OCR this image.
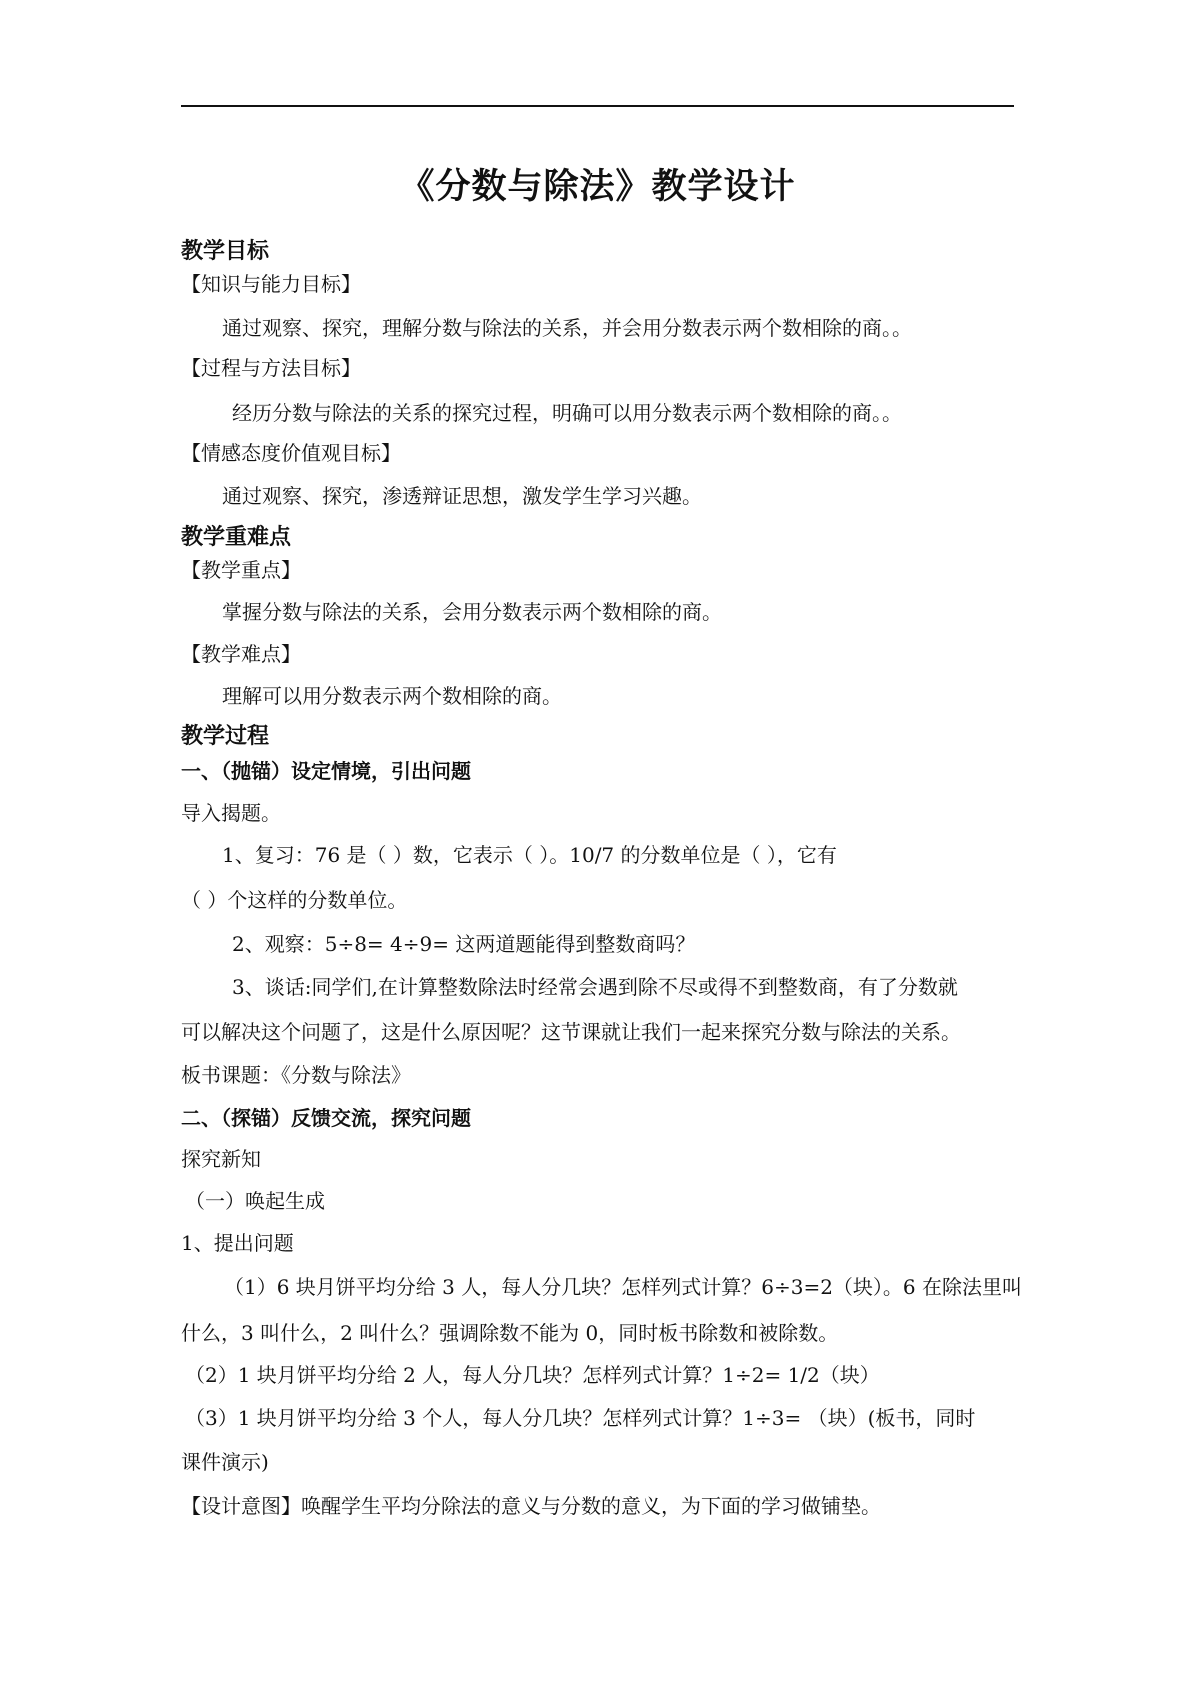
《分数与除法》教学设计
教学目标
【知识与能力目标】
通过观察、探究，理解分数与除法的关系，并会用分数表示两个数相除的商。。
【过程与方法目标】
经历分数与除法的关系的探究过程，明确可以用分数表示两个数相除的商。。
【情感态度价值观目标】
通过观察、探究，渗透辩证思想，激发学生学习兴趣。
教学重难点
【教学重点】
掌握分数与除法的关系，会用分数表示两个数相除的商。
【教学难点】
理解可以用分数表示两个数相除的商。
教学过程
一、（抛锚）设定情境，引出问题
导入揭题。
1、复习：76 是（ ）数，它表示（ ）。10/7 的分数单位是（ ），它有
（ ）个这样的分数单位。
2、观察：5÷8= 4÷9= 这两道题能得到整数商吗？
3、谈话:同学们,在计算整数除法时经常会遇到除不尽或得不到整数商，有了分数就
可以解决这个问题了，这是什么原因呢？这节课就让我们一起来探究分数与除法的关系。
板书课题：《分数与除法》
二、（探锚）反馈交流，探究问题
探究新知
（一）唤起生成
1、提出问题
（1）6 块月饼平均分给 3 人，每人分几块？怎样列式计算？6÷3=2（块）。6 在除法里叫
什么，3 叫什么，2 叫什么？强调除数不能为 0，同时板书除数和被除数。
（2）1 块月饼平均分给 2 人，每人分几块？怎样列式计算？1÷2= 1/2（块）
（3）1 块月饼平均分给 3 个人，每人分几块？怎样列式计算？1÷3= （块）(板书，同时
课件演示)
【设计意图】唤醒学生平均分除法的意义与分数的意义，为下面的学习做铺垫。
